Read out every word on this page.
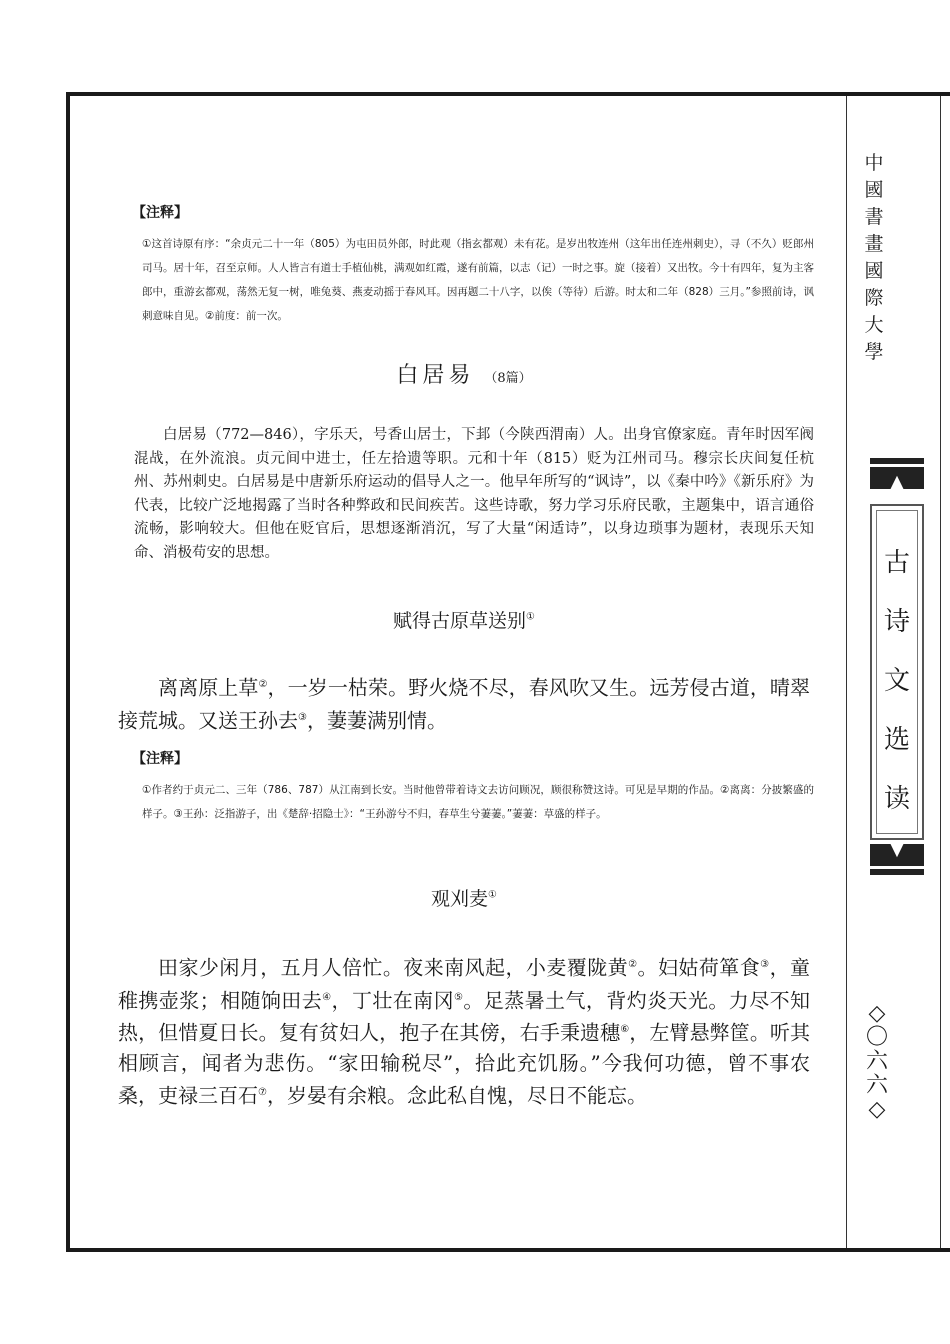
中
國
書
畫
國
際
大
學
古
诗
文
选
读
◇
〇
六
六
◇
【注释】

①这首诗原有序：“余贞元二十一年（805）为屯田员外郎，时此观（指玄都观）未有花。是岁出牧连州（这年出任连州刺史），寻（不久）贬郎州司马。居十年，召至京师。人人皆言有道士手植仙桃，满观如红霞，遂有前篇，以志（记）一时之事。旋（接着）又出牧。今十有四年，复为主客郎中，重游玄都观，荡然无复一树，唯兔葵、燕麦动摇于春风耳。因再题二十八字，以俟（等待）后游。时太和二年（828）三月。”参照前诗，讽刺意味自见。②前度：前一次。

白居易 （8篇）

白居易（772—846），字乐天，号香山居士，下邽（今陕西渭南）人。出身官僚家庭。青年时因军阀混战，在外流浪。贞元间中进士，任左拾遗等职。元和十年（815）贬为江州司马。穆宗长庆间复任杭州、苏州刺史。白居易是中唐新乐府运动的倡导人之一。他早年所写的“讽诗”，以《秦中吟》《新乐府》为代表，比较广泛地揭露了当时各种弊政和民间疾苦。这些诗歌，努力学习乐府民歌，主题集中，语言通俗流畅，影响较大。但他在贬官后，思想逐渐消沉，写了大量“闲适诗”，以身边琐事为题材，表现乐天知命、消极苟安的思想。

赋得古原草送别①

离离原上草②，一岁一枯荣。野火烧不尽，春风吹又生。远芳侵古道，晴翠接荒城。又送王孙去③，萋萋满别情。

【注释】

①作者约于贞元二、三年（786、787）从江南到长安。当时他曾带着诗文去访问顾况，顾很称赞这诗。可见是早期的作品。②离离：分披繁盛的样子。③王孙：泛指游子，出《楚辞·招隐士》：“王孙游兮不归，春草生兮萋萋。”萋萋：草盛的样子。

观刈麦①

田家少闲月，五月人倍忙。夜来南风起，小麦覆陇黄②。妇姑荷箪食③，童稚携壶浆；相随饷田去④，丁壮在南冈⑤。足蒸暑土气，背灼炎天光。力尽不知热，但惜夏日长。复有贫妇人，抱子在其傍，右手秉遗穗⑥，左臂悬弊筐。听其相顾言，闻者为悲伤。“家田输税尽”，拾此充饥肠。”今我何功德，曾不事农桑，吏禄三百石⑦，岁晏有余粮。念此私自愧，尽日不能忘。
